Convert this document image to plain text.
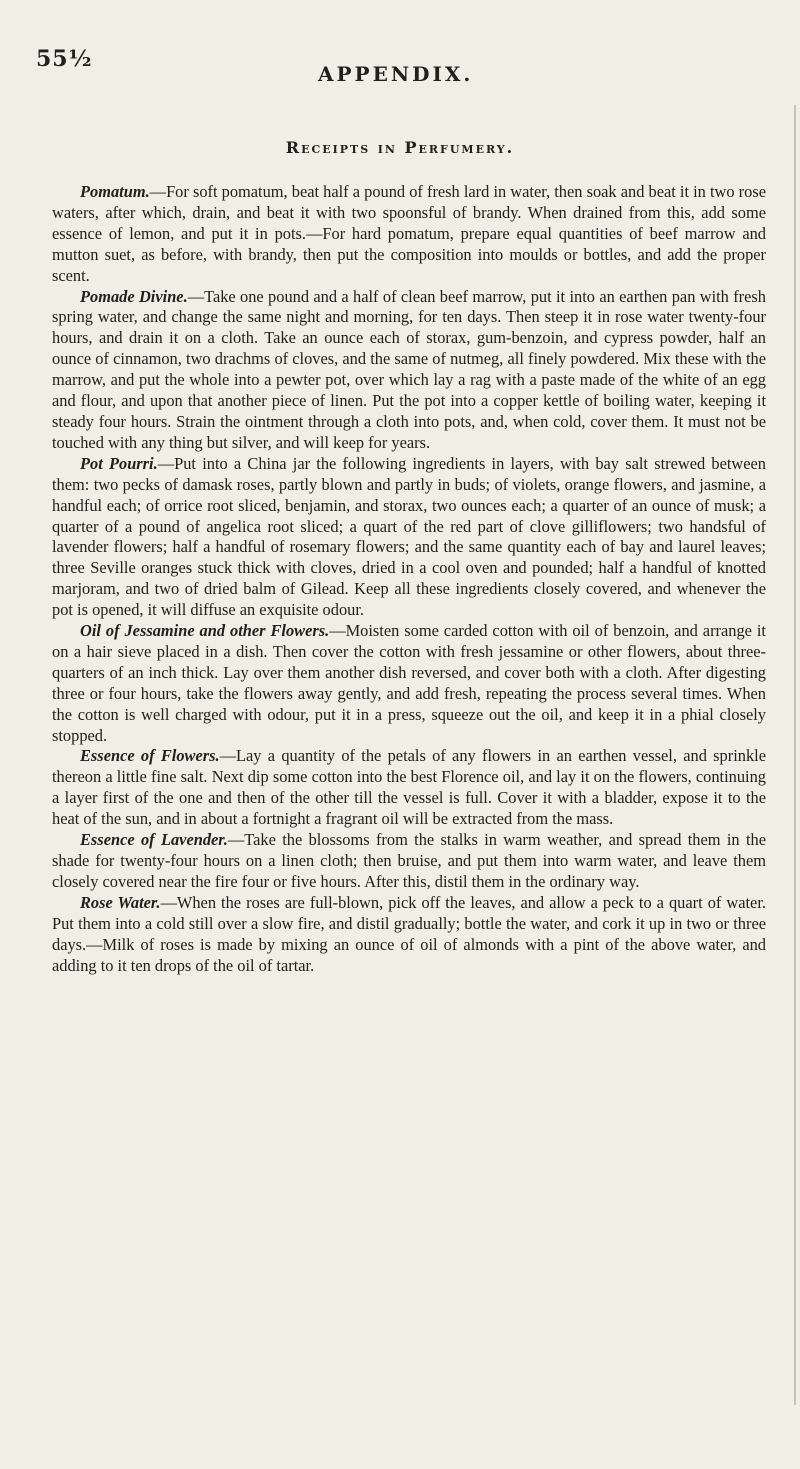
55½
APPENDIX.
Receipts in Perfumery.

Pomatum.—For soft pomatum, beat half a pound of fresh lard in water, then soak and beat it in two rose waters, after which, drain, and beat it with two spoonsful of brandy. When drained from this, add some essence of lemon, and put it in pots.—For hard pomatum, prepare equal quantities of beef marrow and mutton suet, as before, with brandy, then put the composition into moulds or bottles, and add the proper scent.

Pomade Divine.—Take one pound and a half of clean beef marrow, put it into an earthen pan with fresh spring water, and change the same night and morning, for ten days. Then steep it in rose water twenty-four hours, and drain it on a cloth. Take an ounce each of storax, gum-benzoin, and cypress powder, half an ounce of cinnamon, two drachms of cloves, and the same of nutmeg, all finely powdered. Mix these with the marrow, and put the whole into a pewter pot, over which lay a rag with a paste made of the white of an egg and flour, and upon that another piece of linen. Put the pot into a copper kettle of boiling water, keeping it steady four hours. Strain the ointment through a cloth into pots, and, when cold, cover them. It must not be touched with any thing but silver, and will keep for years.

Pot Pourri.—Put into a China jar the following ingredients in layers, with bay salt strewed between them: two pecks of damask roses, partly blown and partly in buds; of violets, orange flowers, and jasmine, a handful each; of orrice root sliced, benjamin, and storax, two ounces each; a quarter of an ounce of musk; a quarter of a pound of angelica root sliced; a quart of the red part of clove gilliflowers; two handsful of lavender flowers; half a handful of rosemary flowers; and the same quantity each of bay and laurel leaves; three Seville oranges stuck thick with cloves, dried in a cool oven and pounded; half a handful of knotted marjoram, and two of dried balm of Gilead. Keep all these ingredients closely covered, and whenever the pot is opened, it will diffuse an exquisite odour.

Oil of Jessamine and other Flowers.—Moisten some carded cotton with oil of benzoin, and arrange it on a hair sieve placed in a dish. Then cover the cotton with fresh jessamine or other flowers, about three-quarters of an inch thick. Lay over them another dish reversed, and cover both with a cloth. After digesting three or four hours, take the flowers away gently, and add fresh, repeating the process several times. When the cotton is well charged with odour, put it in a press, squeeze out the oil, and keep it in a phial closely stopped.

Essence of Flowers.—Lay a quantity of the petals of any flowers in an earthen vessel, and sprinkle thereon a little fine salt. Next dip some cotton into the best Florence oil, and lay it on the flowers, continuing a layer first of the one and then of the other till the vessel is full. Cover it with a bladder, expose it to the heat of the sun, and in about a fortnight a fragrant oil will be extracted from the mass.

Essence of Lavender.—Take the blossoms from the stalks in warm weather, and spread them in the shade for twenty-four hours on a linen cloth; then bruise, and put them into warm water, and leave them closely covered near the fire four or five hours. After this, distil them in the ordinary way.

Rose Water.—When the roses are full-blown, pick off the leaves, and allow a peck to a quart of water. Put them into a cold still over a slow fire, and distil gradually; bottle the water, and cork it up in two or three days.—Milk of roses is made by mixing an ounce of oil of almonds with a pint of the above water, and adding to it ten drops of the oil of tartar.
